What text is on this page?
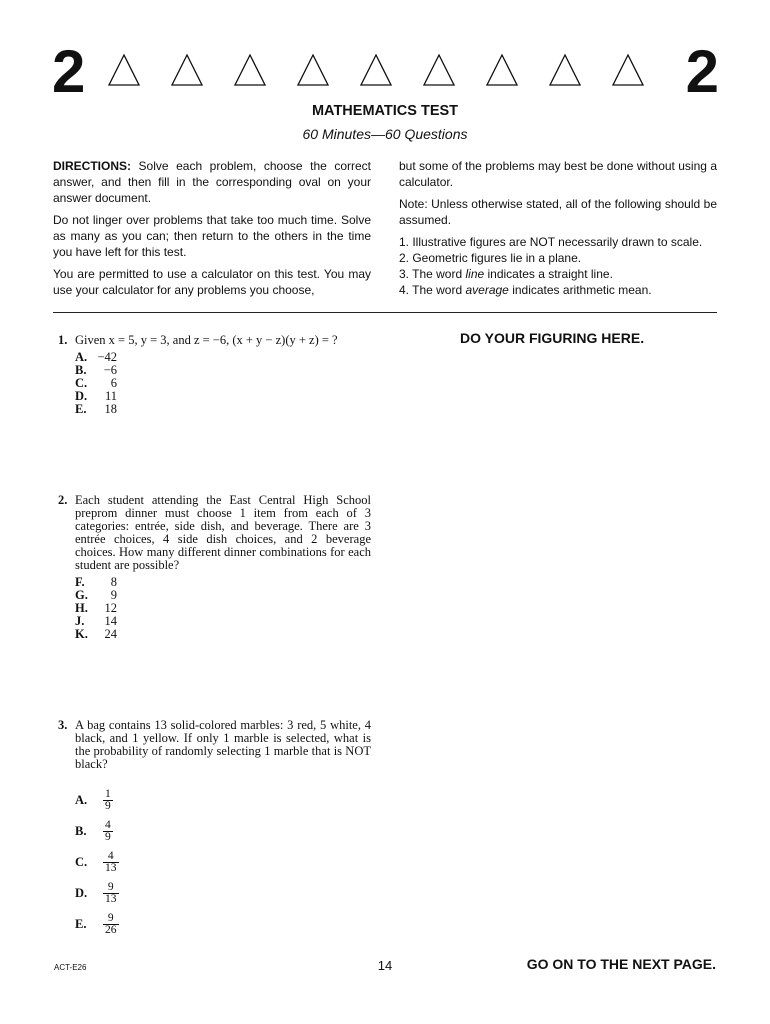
2	2
MATHEMATICS TEST
60 Minutes—60 Questions

DIRECTIONS: Solve each problem, choose the correct answer, and then fill in the corresponding oval on your answer document.

Do not linger over problems that take too much time. Solve as many as you can; then return to the others in the time you have left for this test.

You are permitted to use a calculator on this test. You may use your calculator for any problems you choose,

but some of the problems may best be done without using a calculator.

Note: Unless otherwise stated, all of the following should be assumed.

1. Illustrative figures are NOT necessarily drawn to scale.
2. Geometric figures lie in a plane.
3. The word line indicates a straight line.
4. The word average indicates arithmetic mean.
DO YOUR FIGURING HERE.
1. Given x = 5, y = 3, and z = −6, (x + y − z)(y + z) = ?
A. −42
B.	−6
C.	6
D.	11
E.	18
2. Each student attending the East Central High School preprom dinner must choose 1 item from each of 3 categories: entrée, side dish, and beverage. There are 3 entrée choices, 4 side dish choices, and 2 beverage choices. How many different dinner combinations for each student are possible?
F.	8
G.	9
H.	12
J.	14
K.	24
3. A bag contains 13 solid-colored marbles: 3 red, 5 white, 4 black, and 1 yellow. If only 1 marble is selected, what is the probability of randomly selecting 1 marble that is NOT black?
A.	$\frac{1}{9}$
B.	$\frac{4}{9}$
C.	$\frac{4}{13}$
D.	$\frac{9}{13}$
E.	$\frac{9}{26}$
ACT-E26	14	GO ON TO THE NEXT PAGE.
